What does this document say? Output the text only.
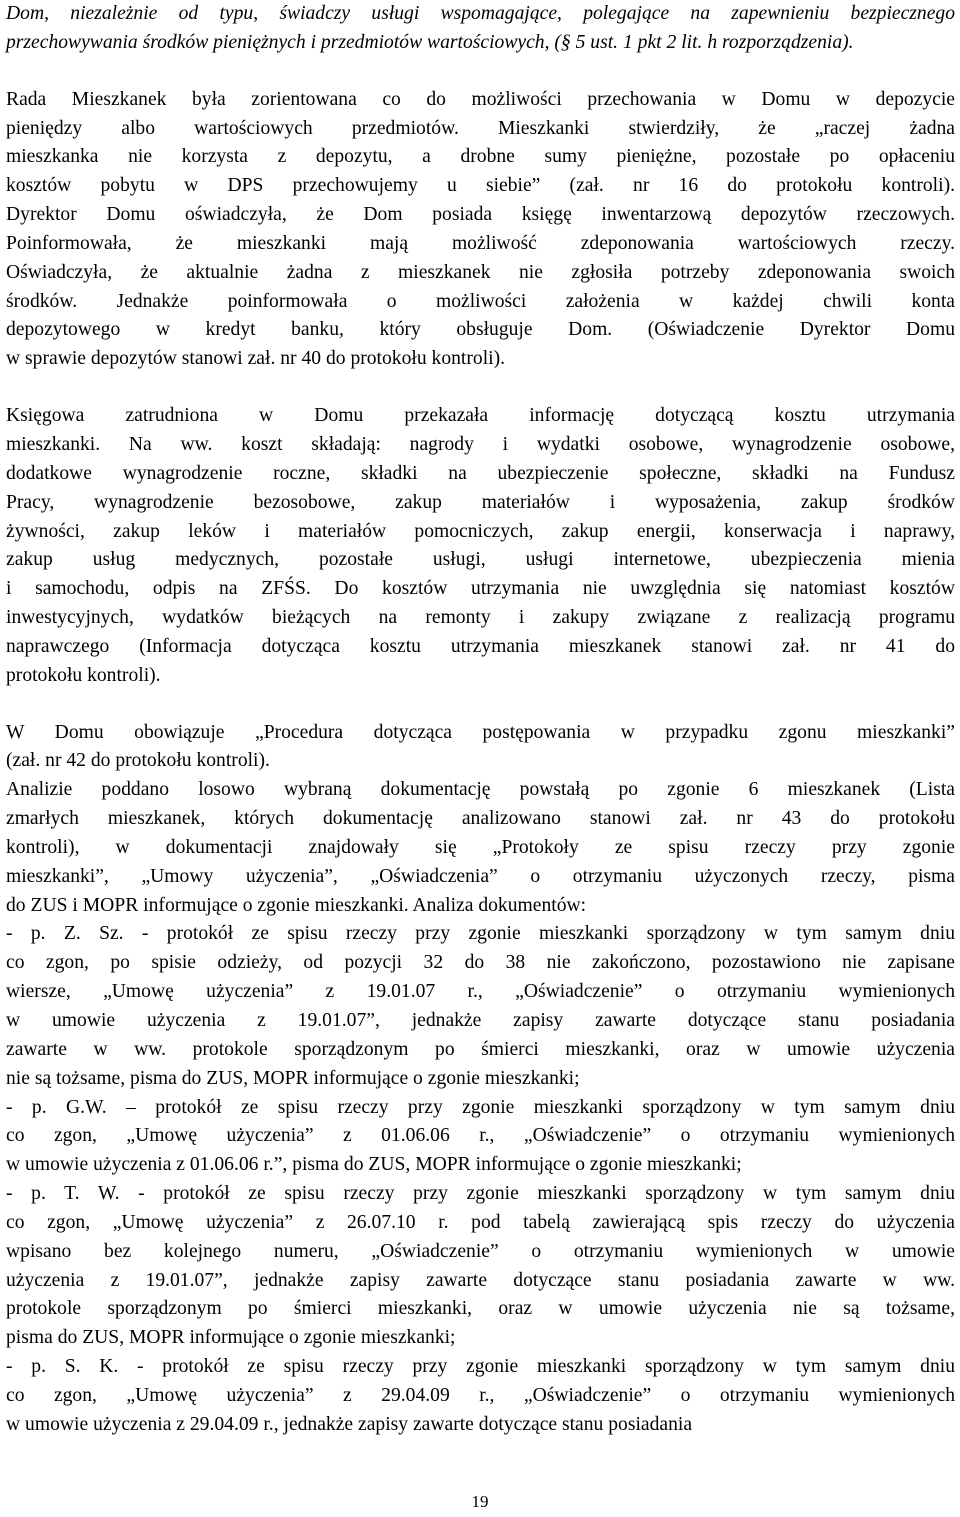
Dom, niezależnie od typu, świadczy usługi wspomagające, polegające na zapewnieniu bezpiecznego
przechowywania środków pieniężnych i przedmiotów wartościowych, (§ 5 ust. 1 pkt 2 lit. h rozporządzenia).
Rada Mieszkanek była zorientowana co do możliwości przechowania w Domu w depozycie
pieniędzy albo wartościowych przedmiotów. Mieszkanki stwierdziły, że „raczej żadna
mieszkanka nie korzysta z depozytu, a drobne sumy pieniężne, pozostałe po opłaceniu
kosztów pobytu w DPS przechowujemy u siebie” (zał. nr 16 do protokołu kontroli).
Dyrektor Domu oświadczyła, że Dom posiada księgę inwentarzową depozytów rzeczowych.
Poinformowała, że mieszkanki mają możliwość zdeponowania wartościowych rzeczy.
Oświadczyła, że aktualnie żadna z mieszkanek nie zgłosiła potrzeby zdeponowania swoich
środków. Jednakże poinformowała o możliwości założenia w każdej chwili konta
depozytowego w kredyt banku, który obsługuje Dom. (Oświadczenie Dyrektor Domu
w sprawie depozytów stanowi zał. nr 40 do protokołu kontroli).
Księgowa zatrudniona w Domu przekazała informację dotyczącą kosztu utrzymania
mieszkanki. Na ww. koszt składają: nagrody i wydatki osobowe, wynagrodzenie osobowe,
dodatkowe wynagrodzenie roczne, składki na ubezpieczenie społeczne, składki na Fundusz
Pracy, wynagrodzenie bezosobowe, zakup materiałów i wyposażenia, zakup środków
żywności, zakup leków i materiałów pomocniczych, zakup energii, konserwacja i naprawy,
zakup usług medycznych, pozostałe usługi, usługi internetowe, ubezpieczenia mienia
i samochodu, odpis na ZFŚS. Do kosztów utrzymania nie uwzględnia się natomiast kosztów
inwestycyjnych, wydatków bieżących na remonty i zakupy związane z realizacją programu
naprawczego (Informacja dotycząca kosztu utrzymania mieszkanek stanowi zał. nr 41 do
protokołu kontroli).
W Domu obowiązuje „Procedura dotycząca postępowania w przypadku zgonu mieszkanki”
(zał. nr 42 do protokołu kontroli).
Analizie poddano losowo wybraną dokumentację powstałą po zgonie 6 mieszkanek (Lista
zmarłych mieszkanek, których dokumentację analizowano stanowi zał. nr 43 do protokołu
kontroli), w dokumentacji znajdowały się „Protokoły ze spisu rzeczy przy zgonie
mieszkanki”, „Umowy użyczenia”, „Oświadczenia” o otrzymaniu użyczonych rzeczy, pisma
do ZUS i MOPR informujące o zgonie mieszkanki. Analiza dokumentów:
- p. Z. Sz. - protokół ze spisu rzeczy przy zgonie mieszkanki sporządzony w tym samym dniu
co zgon, po spisie odzieży, od pozycji 32 do 38 nie zakończono, pozostawiono nie zapisane
wiersze, „Umowę użyczenia” z 19.01.07 r., „Oświadczenie” o otrzymaniu wymienionych
w umowie użyczenia z 19.01.07”, jednakże zapisy zawarte dotyczące stanu posiadania
zawarte w ww. protokole sporządzonym po śmierci mieszkanki, oraz w umowie użyczenia
nie są tożsame, pisma do ZUS, MOPR informujące o zgonie mieszkanki;
- p. G.W. – protokół ze spisu rzeczy przy zgonie mieszkanki sporządzony w tym samym dniu
co zgon, „Umowę użyczenia” z 01.06.06 r., „Oświadczenie” o otrzymaniu wymienionych
w umowie użyczenia z 01.06.06 r.”, pisma do ZUS, MOPR informujące o zgonie mieszkanki;
- p. T. W. - protokół ze spisu rzeczy przy zgonie mieszkanki sporządzony w tym samym dniu
co zgon, „Umowę użyczenia” z 26.07.10 r. pod tabelą zawierającą spis rzeczy do użyczenia
wpisano bez kolejnego numeru, „Oświadczenie” o otrzymaniu wymienionych w umowie
użyczenia z 19.01.07”, jednakże zapisy zawarte dotyczące stanu posiadania zawarte w ww.
protokole sporządzonym po śmierci mieszkanki, oraz w umowie użyczenia nie są tożsame,
pisma do ZUS, MOPR informujące o zgonie mieszkanki;
- p. S. K. - protokół ze spisu rzeczy przy zgonie mieszkanki sporządzony w tym samym dniu
co zgon, „Umowę użyczenia” z 29.04.09 r., „Oświadczenie” o otrzymaniu wymienionych
w umowie użyczenia z 29.04.09 r., jednakże zapisy zawarte dotyczące stanu posiadania
19
